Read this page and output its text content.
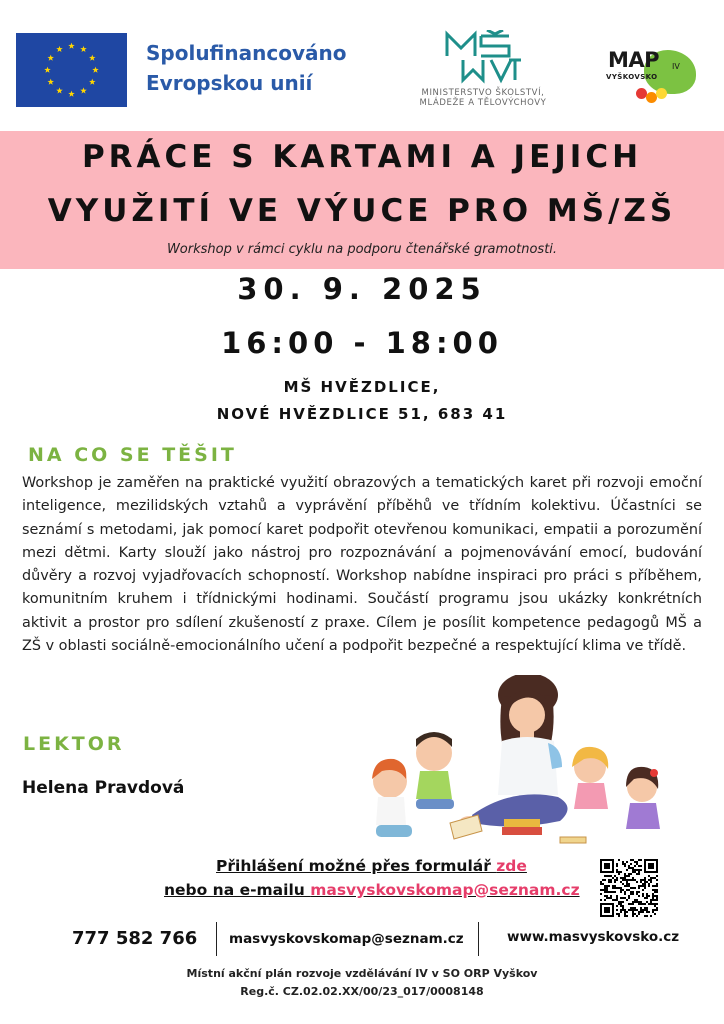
Spolufinancováno
Evropskou unií	MINISTERSTVO ŠKOLSTVÍ,
MLÁDEŽE A TĚLOVÝCHOVY
MAP IV
VYŠKOVSKO
PRÁCE S KARTAMI A JEJICH
VYUŽITÍ VE VÝUCE PRO MŠ/ZŠ
Workshop v rámci cyklu na podporu čtenářské gramotnosti.
30. 9. 2025
16:00 - 18:00
MŠ HVĚZDLICE,
NOVÉ HVĚZDLICE 51, 683 41
NA CO SE TĚŠIT
Workshop je zaměřen na praktické využití obrazových a tematických karet při rozvoji emoční inteligence, mezilidských vztahů a vyprávění příběhů ve třídním kolektivu. Účastníci se seznámí s metodami, jak pomocí karet podpořit otevřenou komunikaci, empatii a porozumění mezi dětmi. Karty slouží jako nástroj pro rozpoznávání a pojmenovávání emocí, budování důvěry a rozvoj vyjadřovacích schopností. Workshop nabídne inspiraci pro práci s příběhem, komunitním kruhem i třídnickými hodinami. Součástí programu jsou ukázky konkrétních aktivit a prostor pro sdílení zkušeností z praxe. Cílem je posílit kompetence pedagogů MŠ a ZŠ v oblasti sociálně-emocionálního učení a podpořit bezpečné a respektující klima ve třídě.
LEKTOR
Helena Pravdová
Přihlášení možné přes formulář zde
nebo na e-mailu masvyskovskomap@seznam.cz
777 582 766 masvyskovskomap@seznam.cz	www.masvyskovsko.cz
Místní akční plán rozvoje vzdělávání IV v SO ORP Vyškov
Reg.č. CZ.02.02.XX/00/23_017/0008148
